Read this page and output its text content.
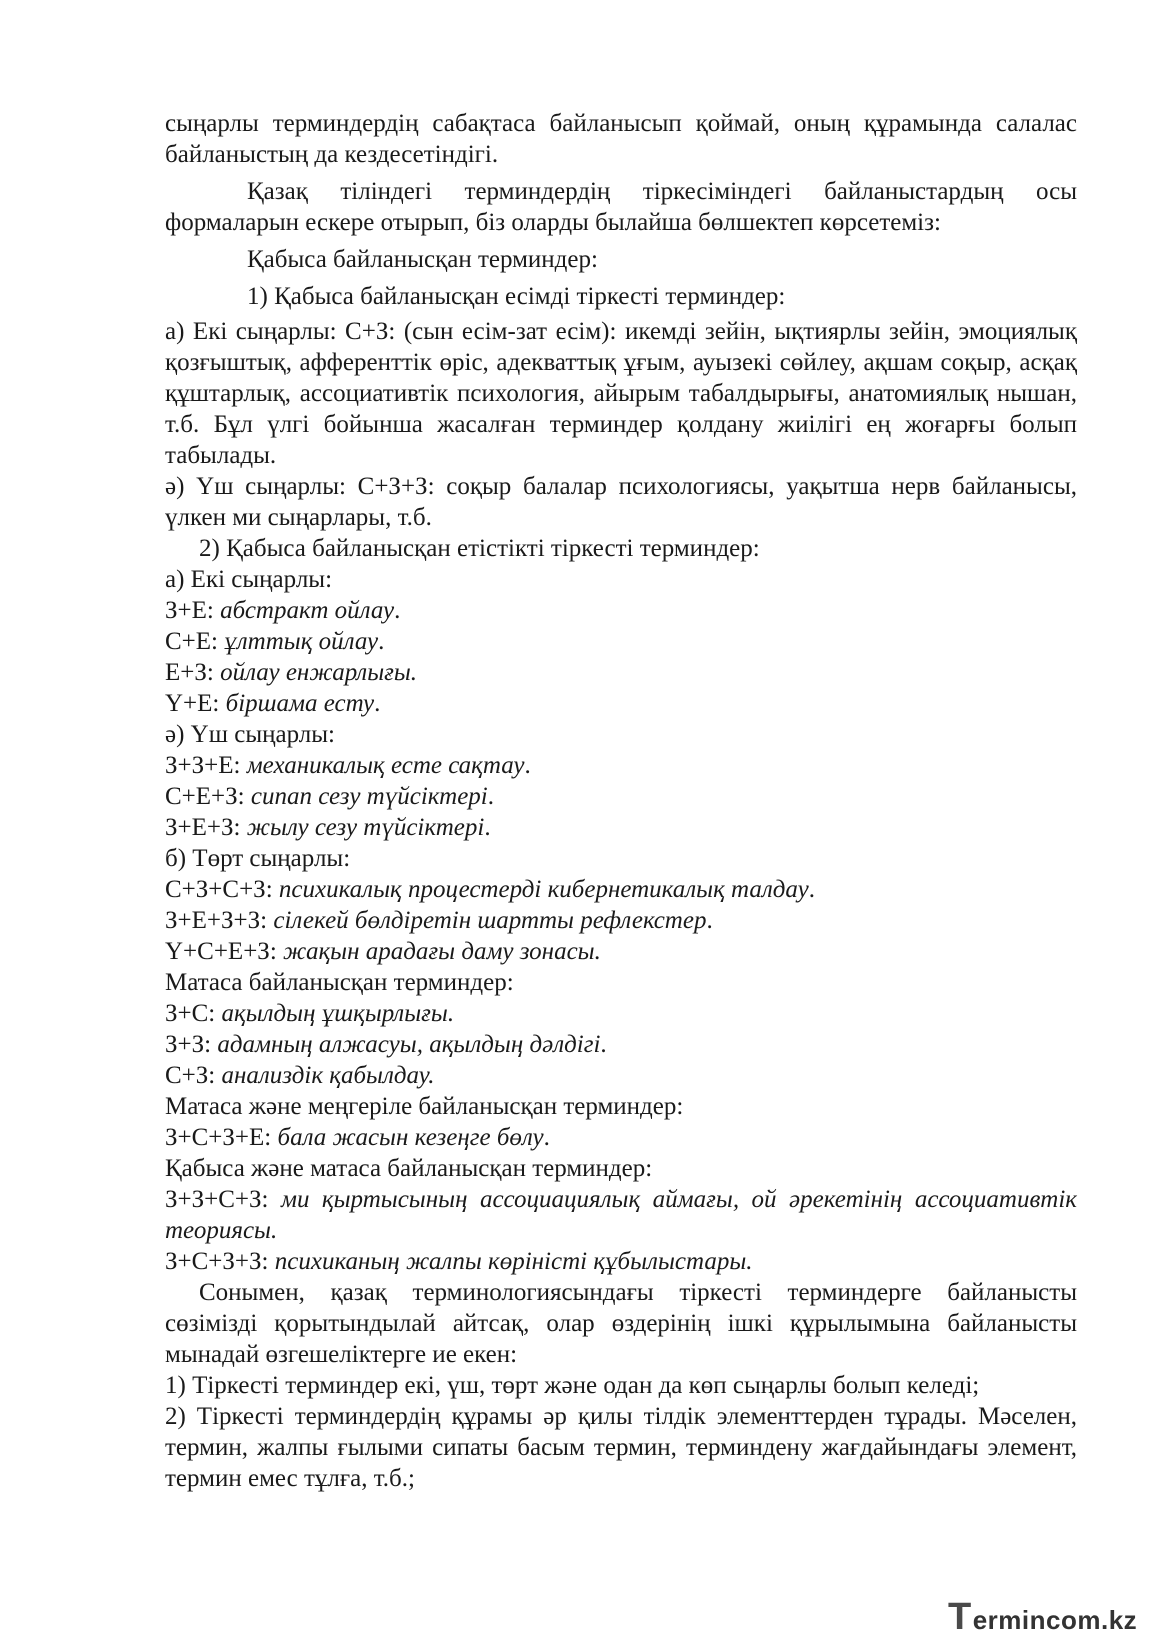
сыңарлы терминдердің сабақтаса байланысып қоймай, оның құрамында салалас байланыстың да кездесетіндігі.

Қазақ тіліндегі терминдердің тіркесіміндегі байланыстардың осы формаларын ескере отырып, біз оларды былайша бөлшектеп көрсетеміз:

Қабыса байланысқан терминдер:

1) Қабыса байланысқан есімді тіркесті терминдер:

а) Екі сыңарлы: С+З: (сын есім-зат есім): икемді зейін, ықтиярлы зейін, эмоциялық қозғыштық, афференттік өріс, адекваттық ұғым, ауызекі сөйлеу, ақшам соқыр, асқақ құштарлық, ассоциативтік психология, айырым табалдырығы, анатомиялық нышан, т.б. Бұл үлгі бойынша жасалған терминдер қолдану жиілігі ең жоғарғы болып табылады.

ә) Үш сыңарлы: С+З+З: соқыр балалар психологиясы, уақытша нерв байланысы, үлкен ми сыңарлары, т.б.

2) Қабыса байланысқан етістікті тіркесті терминдер:

а) Екі сыңарлы:

З+Е: абстракт ойлау.

С+Е: ұлттық ойлау.

Е+З: ойлау енжарлығы.

Ү+Е: біршама есту.

ә) Үш сыңарлы:

З+З+Е: механикалық есте сақтау.

С+Е+З: сипап сезу түйсіктері.

З+Е+З: жылу сезу түйсіктері.

б) Төрт сыңарлы:

С+З+С+З: психикалық процестерді кибернетикалық талдау.

З+Е+З+З: сілекей бөлдіретін шартты рефлекстер.

Ү+С+Е+З: жақын арадағы даму зонасы.

Матаса байланысқан терминдер:

З+С: ақылдың ұшқырлығы.

З+З: адамның алжасуы, ақылдың дәлдігі.

С+З: анализдік қабылдау.

Матаса және меңгеріле байланысқан терминдер:

З+С+З+Е: бала жасын кезеңге бөлу.

Қабыса және матаса байланысқан терминдер:

З+З+С+З: ми қыртысының ассоциациялық аймағы, ой әрекетінің ассоциативтік теориясы.

З+С+З+З: психиканың жалпы көріністі құбылыстары.

Сонымен, қазақ терминологиясындағы тіркесті терминдерге байланысты сөзімізді қорытындылай айтсақ, олар өздерінің ішкі құрылымына байланысты мынадай өзгешеліктерге ие екен:

1) Тіркесті терминдер екі, үш, төрт және одан да көп сыңарлы болып келеді;

2) Тіркесті терминдердің құрамы әр қилы тілдік элементтерден тұрады. Мәселен, термин, жалпы ғылыми сипаты басым термин, терминдену жағдайындағы элемент, термин емес тұлға, т.б.;

T ermincom .kz
